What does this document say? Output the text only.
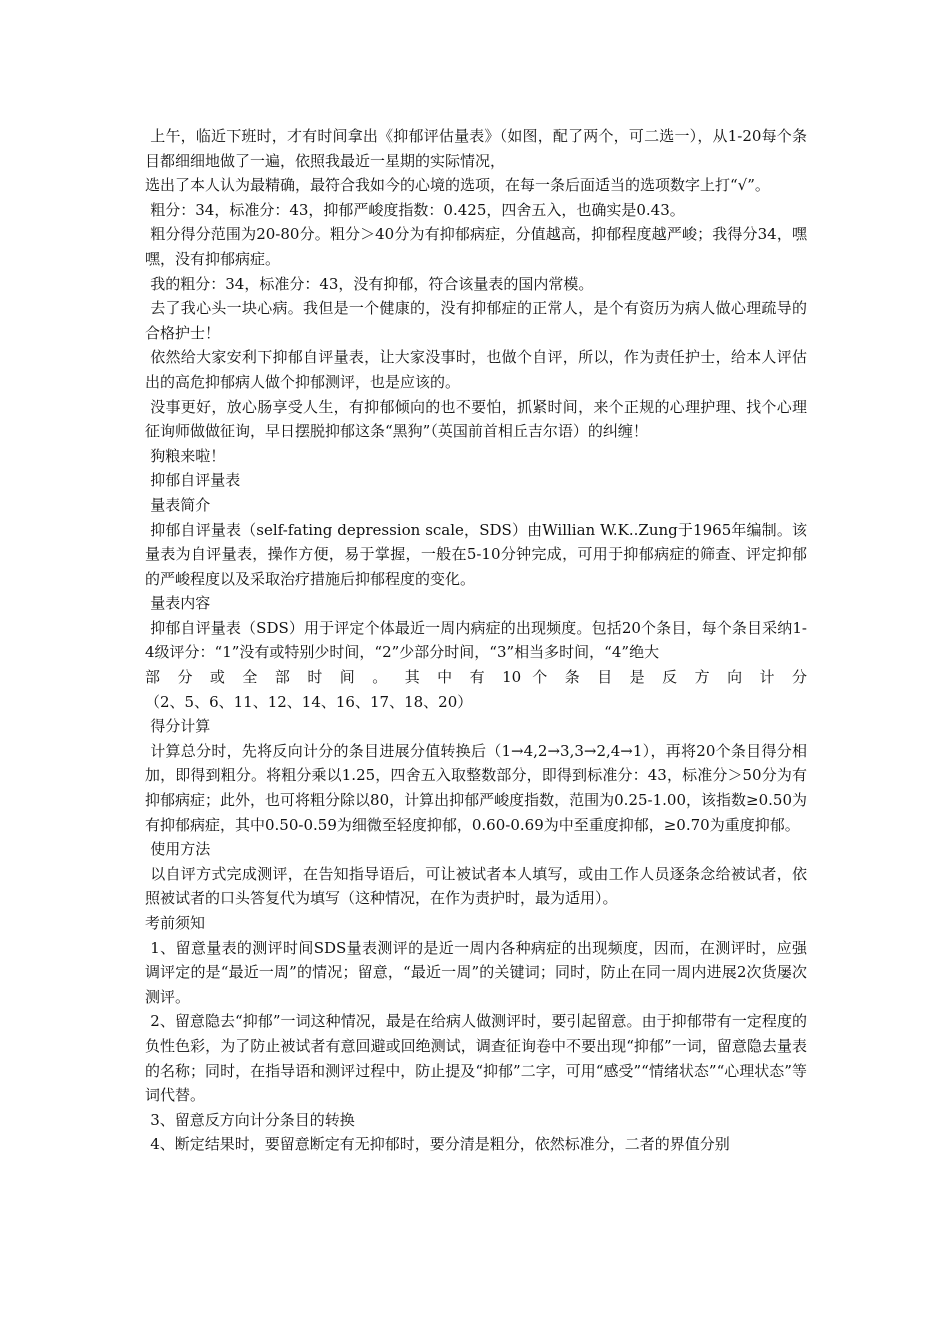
上午，临近下班时，才有时间拿出《抑郁评估量表》（如图，配了两个，可二选一），从1-20每个条目都细细地做了一遍，依照我最近一星期的实际情况，

选出了本人认为最精确，最符合我如今的心境的选项，在每一条后面适当的选项数字上打“√”。

粗分：34，标准分：43，抑郁严峻度指数：0.425，四舍五入，也确实是0.43。

粗分得分范围为20-80分。粗分＞40分为有抑郁病症，分值越高，抑郁程度越严峻；我得分34，嘿嘿，没有抑郁病症。

我的粗分：34，标准分：43，没有抑郁，符合该量表的国内常模。

去了我心头一块心病。我但是一个健康的，没有抑郁症的正常人，是个有资历为病人做心理疏导的合格护士！

依然给大家安利下抑郁自评量表，让大家没事时，也做个自评，所以，作为责任护士，给本人评估出的高危抑郁病人做个抑郁测评，也是应该的。

没事更好，放心肠享受人生，有抑郁倾向的也不要怕，抓紧时间，来个正规的心理护理、找个心理征询师做做征询，早日摆脱抑郁这条“黑狗”（英国前首相丘吉尔语）的纠缠！

狗粮来啦！

抑郁自评量表

量表简介

抑郁自评量表（self-fating depression scale，SDS）由Willian W.K..Zung于1965年编制。该量表为自评量表，操作方便，易于掌握，一般在5-10分钟完成，可用于抑郁病症的筛查、评定抑郁的严峻程度以及采取治疗措施后抑郁程度的变化。

量表内容

抑郁自评量表（SDS）用于评定个体最近一周内病症的出现频度。包括20个条目，每个条目采纳1-4级评分：“1”没有或特别少时间，“2”少部分时间，“3”相当多时间，“4”绝大

部 分 或 全 部 时 间 。 其 中 有 10 个 条 目 是 反 方 向 计 分

（2、5、6、11、12、14、16、17、18、20）

得分计算

计算总分时，先将反向计分的条目进展分值转换后（1→4,2→3,3→2,4→1），再将20个条目得分相加，即得到粗分。将粗分乘以1.25，四舍五入取整数部分，即得到标准分：43，标准分＞50分为有抑郁病症；此外，也可将粗分除以80，计算出抑郁严峻度指数，范围为0.25-1.00，该指数≥0.50为有抑郁病症，其中0.50-0.59为细微至轻度抑郁，0.60-0.69为中至重度抑郁，≥0.70为重度抑郁。

使用方法

以自评方式完成测评，在告知指导语后，可让被试者本人填写，或由工作人员逐条念给被试者，依照被试者的口头答复代为填写（这种情况，在作为责护时，最为适用）。

考前须知

1、留意量表的测评时间SDS量表测评的是近一周内各种病症的出现频度，因而，在测评时，应强调评定的是“最近一周”的情况；留意，“最近一周”的关键词；同时，防止在同一周内进展2次货屡次测评。

2、留意隐去“抑郁”一词这种情况，最是在给病人做测评时，要引起留意。由于抑郁带有一定程度的负性色彩，为了防止被试者有意回避或回绝测试，调查征询卷中不要出现“抑郁”一词，留意隐去量表的名称；同时，在指导语和测评过程中，防止提及“抑郁”二字，可用“感受”“情绪状态”“心理状态”等词代替。

3、留意反方向计分条目的转换

4、断定结果时，要留意断定有无抑郁时，要分清是粗分，依然标准分，二者的界值分别
